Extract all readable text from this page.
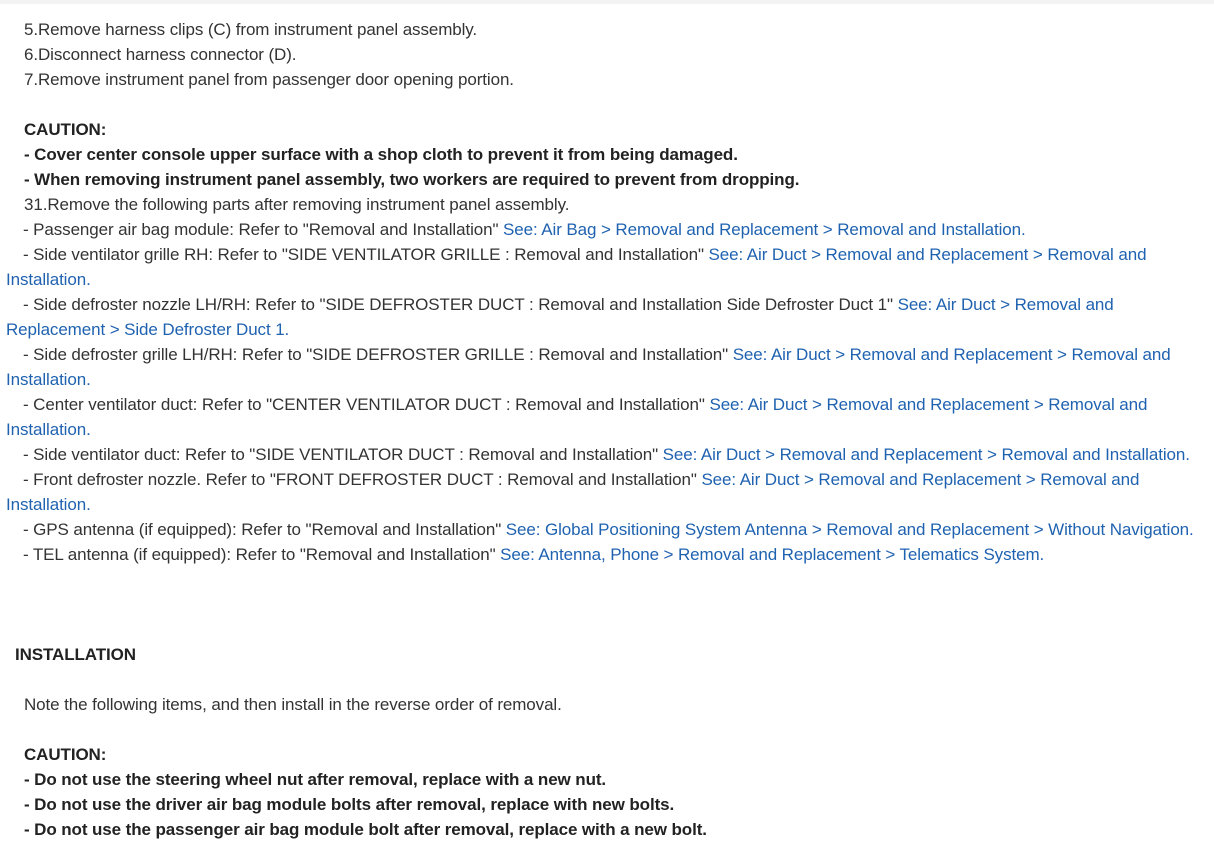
5.Remove harness clips (C) from instrument panel assembly.
6.Disconnect harness connector (D).
7.Remove instrument panel from passenger door opening portion.
CAUTION:
- Cover center console upper surface with a shop cloth to prevent it from being damaged.
- When removing instrument panel assembly, two workers are required to prevent from dropping.
31.Remove the following parts after removing instrument panel assembly.
- Passenger air bag module: Refer to "Removal and Installation" See: Air Bag > Removal and Replacement > Removal and Installation.
- Side ventilator grille RH: Refer to "SIDE VENTILATOR GRILLE : Removal and Installation" See: Air Duct > Removal and Replacement > Removal and Installation.
- Side defroster nozzle LH/RH: Refer to "SIDE DEFROSTER DUCT : Removal and Installation Side Defroster Duct 1" See: Air Duct > Removal and Replacement > Side Defroster Duct 1.
- Side defroster grille LH/RH: Refer to "SIDE DEFROSTER GRILLE : Removal and Installation" See: Air Duct > Removal and Replacement > Removal and Installation.
- Center ventilator duct: Refer to "CENTER VENTILATOR DUCT : Removal and Installation" See: Air Duct > Removal and Replacement > Removal and Installation.
- Side ventilator duct: Refer to "SIDE VENTILATOR DUCT : Removal and Installation" See: Air Duct > Removal and Replacement > Removal and Installation.
- Front defroster nozzle. Refer to "FRONT DEFROSTER DUCT : Removal and Installation" See: Air Duct > Removal and Replacement > Removal and Installation.
- GPS antenna (if equipped): Refer to "Removal and Installation" See: Global Positioning System Antenna > Removal and Replacement > Without Navigation.
- TEL antenna (if equipped): Refer to "Removal and Installation" See: Antenna, Phone > Removal and Replacement > Telematics System.
INSTALLATION
Note the following items, and then install in the reverse order of removal.
CAUTION:
- Do not use the steering wheel nut after removal, replace with a new nut.
- Do not use the driver air bag module bolts after removal, replace with new bolts.
- Do not use the passenger air bag module bolt after removal, replace with a new bolt.
